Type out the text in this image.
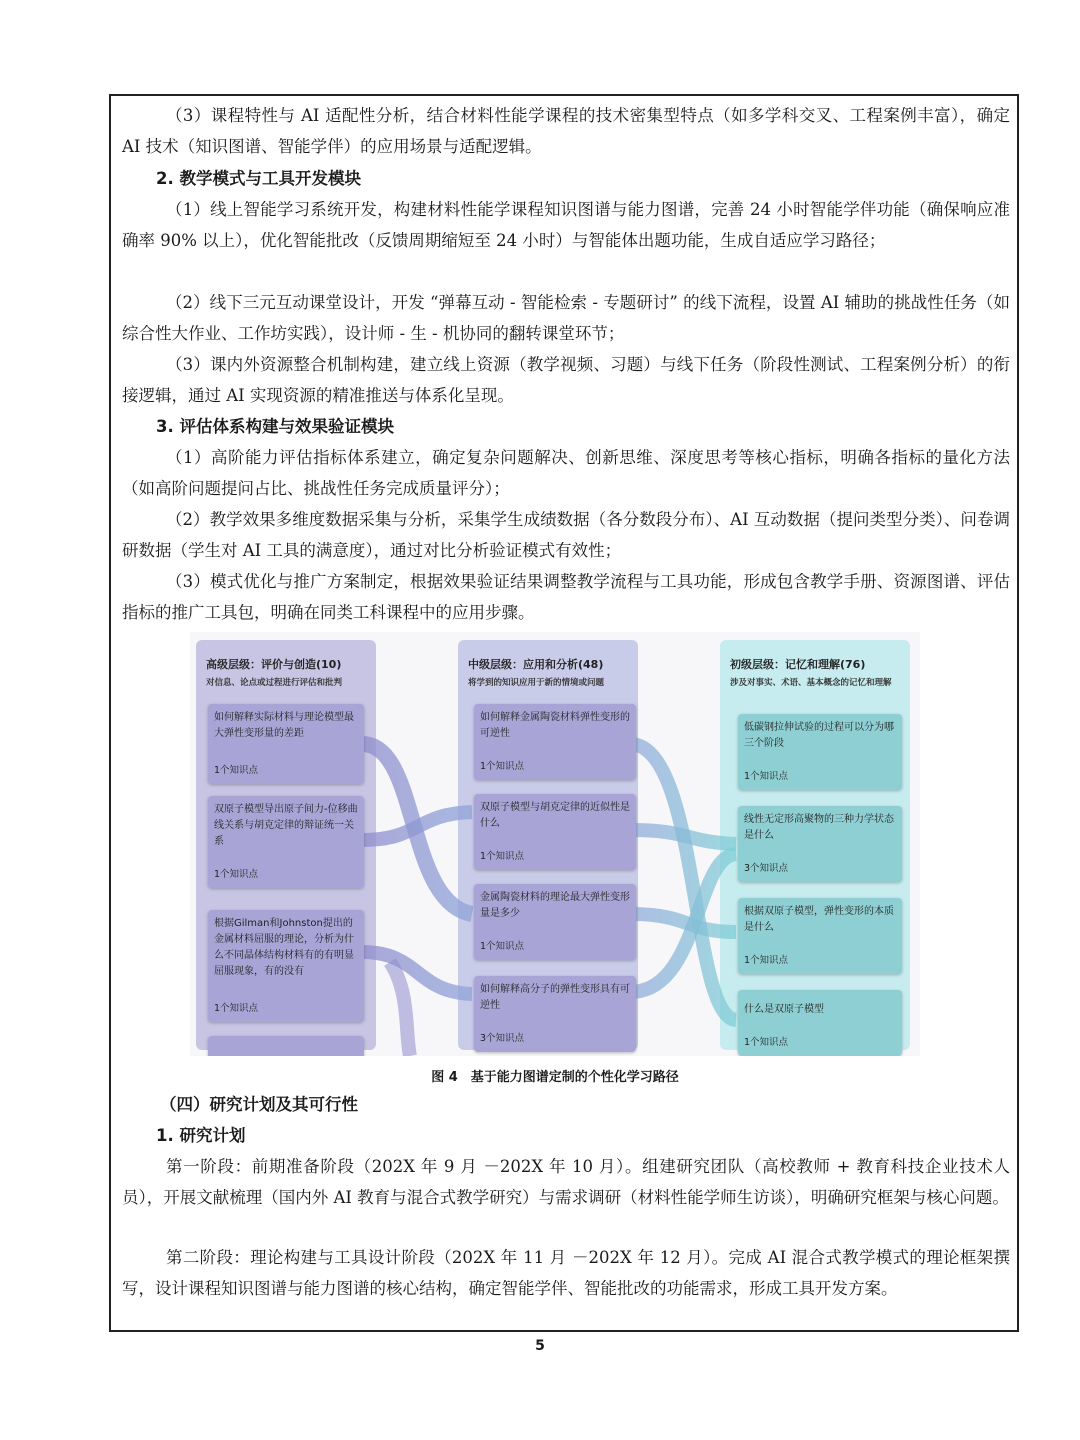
（3）课程特性与 AI 适配性分析，结合材料性能学课程的技术密集型特点（如多学科交叉、工程案例丰富），确定 AI 技术（知识图谱、智能学伴）的应用场景与适配逻辑。

2. 教学模式与工具开发模块

（1）线上智能学习系统开发，构建材料性能学课程知识图谱与能力图谱，完善 24 小时智能学伴功能（确保响应准确率 90% 以上），优化智能批改（反馈周期缩短至 24 小时）与智能体出题功能，生成自适应学习路径；

（2）线下三元互动课堂设计，开发 “弹幕互动 - 智能检索 - 专题研讨” 的线下流程，设置 AI 辅助的挑战性任务（如综合性大作业、工作坊实践），设计师 - 生 - 机协同的翻转课堂环节；

（3）课内外资源整合机制构建，建立线上资源（教学视频、习题）与线下任务（阶段性测试、工程案例分析）的衔接逻辑，通过 AI 实现资源的精准推送与体系化呈现。

3. 评估体系构建与效果验证模块

（1）高阶能力评估指标体系建立，确定复杂问题解决、创新思维、深度思考等核心指标，明确各指标的量化方法（如高阶问题提问占比、挑战性任务完成质量评分）；

（2）教学效果多维度数据采集与分析，采集学生成绩数据（各分数段分布）、AI 互动数据（提问类型分类）、问卷调研数据（学生对 AI 工具的满意度），通过对比分析验证模式有效性；

（3）模式优化与推广方案制定，根据效果验证结果调整教学流程与工具功能，形成包含教学手册、资源图谱、评估指标的推广工具包，明确在同类工科课程中的应用步骤。

高级层级：评价与创造(10)
对信息、论点或过程进行评估和批判
中级层级：应用和分析(48)
将学到的知识应用于新的情境或问题
初级层级：记忆和理解(76)
涉及对事实、术语、基本概念的记忆和理解
如何解释实际材料与理论模型最大弹性变形量的差距
1个知识点
双原子模型导出原子间力-位移曲线关系与胡克定律的辩证统一关系
1个知识点
根据Gilman和Johnston提出的金属材料屈服的理论，分析为什么不同晶体结构材料有的有明显屈服现象，有的没有
1个知识点
如何解释金属陶瓷材料弹性变形的可逆性
1个知识点
双原子模型与胡克定律的近似性是什么
1个知识点
金属陶瓷材料的理论最大弹性变形量是多少
1个知识点
如何解释高分子的弹性变形具有可逆性
3个知识点
低碳钢拉伸试验的过程可以分为哪三个阶段
1个知识点
线性无定形高聚物的三种力学状态是什么
3个知识点
根据双原子模型，弹性变形的本质是什么
1个知识点
什么是双原子模型
1个知识点
图 4　基于能力图谱定制的个性化学习路径

（四）研究计划及其可行性

1. 研究计划

第一阶段：前期准备阶段（202X 年 9 月 －202X 年 10 月）。组建研究团队（高校教师 + 教育科技企业技术人员），开展文献梳理（国内外 AI 教育与混合式教学研究）与需求调研（材料性能学师生访谈），明确研究框架与核心问题。

第二阶段：理论构建与工具设计阶段（202X 年 11 月 －202X 年 12 月）。完成 AI 混合式教学模式的理论框架撰写，设计课程知识图谱与能力图谱的核心结构，确定智能学伴、智能批改的功能需求，形成工具开发方案。

5
